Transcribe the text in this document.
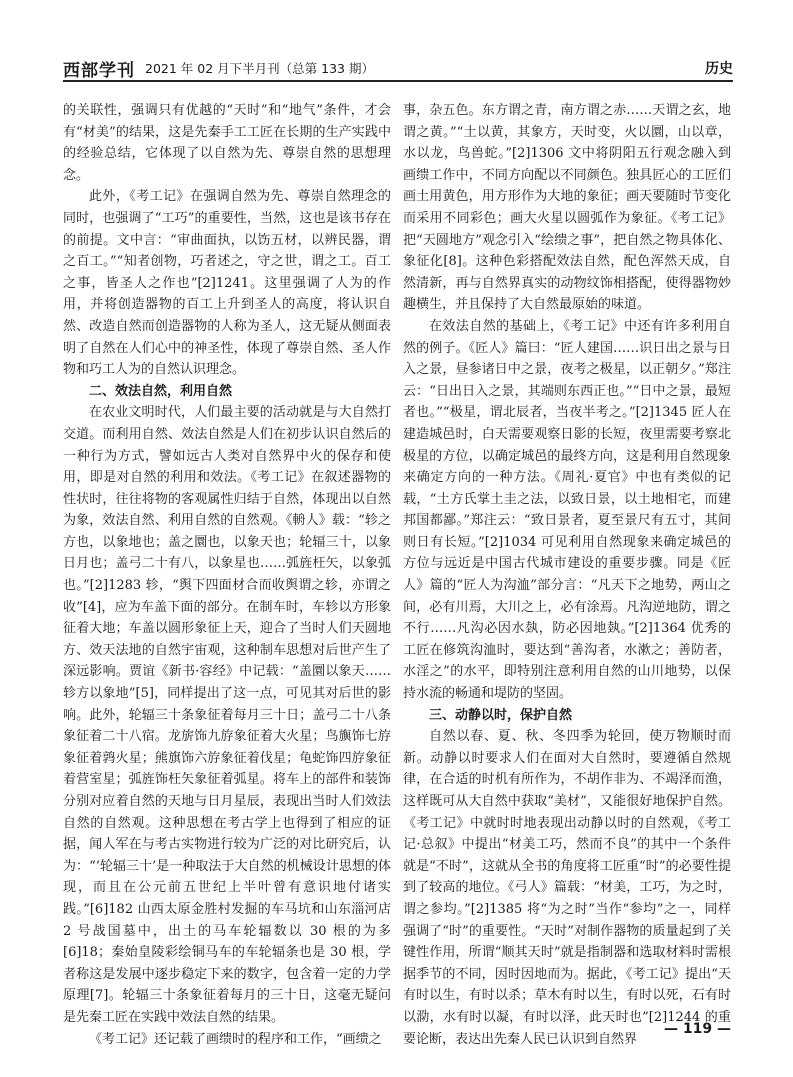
西部学刊 2021 年 02 月下半月刊（总第 133 期）	历史

的关联性，强调只有优越的“天时”和“地气”条件，才会有“材美”的结果，这是先秦手工工匠在长期的生产实践中的经验总结，它体现了以自然为先、尊崇自然的思想理念。

此外，《考工记》在强调自然为先、尊崇自然理念的同时，也强调了“工巧”的重要性，当然，这也是该书存在的前提。文中言：“审曲面执，以饬五材，以辨民器，谓之百工。”“知者创物，巧者述之，守之世，谓之工。百工之事，皆圣人之作也”[2]1241。这里强调了人为的作用，并将创造器物的百工上升到圣人的高度，将认识自然、改造自然而创造器物的人称为圣人，这无疑从侧面表明了自然在人们心中的神圣性，体现了尊崇自然、圣人作物和巧工人为的自然认识理念。

二、效法自然，利用自然

在农业文明时代，人们最主要的活动就是与大自然打交道。而利用自然、效法自然是人们在初步认识自然后的一种行为方式，譬如远古人类对自然界中火的保存和使用，即是对自然的利用和效法。《考工记》在叙述器物的性状时，往往将物的客观属性归结于自然，体现出以自然为象，效法自然、利用自然的自然观。《輈人》载：“轸之方也，以象地也；盖之圜也，以象天也；轮辐三十，以象日月也；盖弓二十有八，以象星也……弧旌枉矢，以象弧也。”[2]1283 轸，“舆下四面材合而收舆谓之轸，亦谓之收”[4]，应为车盖下面的部分。在制车时，车轸以方形象征着大地；车盖以圆形象征上天，迎合了当时人们天圆地方、效天法地的自然宇宙观，这种制车思想对后世产生了深远影响。贾谊《新书·容经》中记载：“盖圜以象天……轸方以象地”[5]，同样提出了这一点，可见其对后世的影响。此外，轮辐三十条象征着每月三十日；盖弓二十八条象征着二十八宿。龙旂饰九斿象征着大火星；鸟旟饰七斿象征着鹑火星；熊旗饰六斿象征着伐星；龟蛇饰四斿象征着营室星；弧旌饰枉矢象征着弧星。将车上的部件和装饰分别对应着自然的天地与日月星辰，表现出当时人们效法自然的自然观。这种思想在考古学上也得到了相应的证据，闻人军在与考古实物进行较为广泛的对比研究后，认为：“‘轮辐三十’是一种取法于大自然的机械设计思想的体现，而且在公元前五世纪上半叶曾有意识地付诸实践。”[6]182 山西太原金胜村发掘的车马坑和山东淄河店 2 号战国墓中，出土的马车轮辐数以 30 根的为多[6]18；秦始皇陵彩绘铜马车的车轮辐条也是 30 根，学者称这是发展中逐步稳定下来的数字，包含着一定的力学原理[7]。轮辐三十条象征着每月的三十日，这毫无疑问是先秦工匠在实践中效法自然的结果。

《考工记》还记载了画缋时的程序和工作，“画缋之

事，杂五色。东方谓之青，南方谓之赤……天谓之玄，地谓之黄。”“土以黄，其象方，天时变，火以圜，山以章，水以龙，鸟兽蛇。”[2]1306 文中将阴阳五行观念融入到画缋工作中，不同方向配以不同颜色。独具匠心的工匠们画土用黄色，用方形作为大地的象征；画天要随时节变化而采用不同彩色；画大火星以圆弧作为象征。《考工记》把“天圆地方”观念引入“绘缋之事”，把自然之物具体化、象征化[8]。这种色彩搭配效法自然，配色浑然天成，自然清新，再与自然界真实的动物纹饰相搭配，使得器物妙趣横生，并且保持了大自然最原始的味道。

在效法自然的基础上，《考工记》中还有许多利用自然的例子。《匠人》篇曰：“匠人建国……识日出之景与日入之景，昼参诸日中之景，夜考之极星，以正朝夕。”郑注云：“日出日入之景，其端则东西正也。”“日中之景，最短者也。”“极星，谓北辰者，当夜半考之。”[2]1345 匠人在建造城邑时，白天需要观察日影的长短，夜里需要考察北极星的方位，以确定城邑的最终方向，这是利用自然现象来确定方向的一种方法。《周礼·夏官》中也有类似的记载，“土方氏掌土圭之法，以致日景，以土地相宅，而建邦国都鄙。”郑注云：“致日景者，夏至景尺有五寸，其间则日有长短。”[2]1034 可见利用自然现象来确定城邑的方位与远近是中国古代城市建设的重要步骤。同是《匠人》篇的“匠人为沟洫”部分言：“凡天下之地势，两山之间，必有川焉，大川之上，必有涂焉。凡沟逆地防，谓之不行……凡沟必因水埶，防必因地埶。”[2]1364 优秀的工匠在修筑沟洫时，要达到“善沟者，水漱之；善防者，水淫之”的水平，即特别注意利用自然的山川地势，以保持水流的畅通和堤防的坚固。

三、动静以时，保护自然

自然以春、夏、秋、冬四季为轮回，使万物顺时而新。动静以时要求人们在面对大自然时，要遵循自然规律，在合适的时机有所作为，不胡作非为、不竭泽而渔，这样既可从大自然中获取“美材”，又能很好地保护自然。《考工记》中就时时地表现出动静以时的自然观，《考工记·总叙》中提出“材美工巧，然而不良”的其中一个条件就是“不时”，这就从全书的角度将工匠重“时”的必要性提到了较高的地位。《弓人》篇载：“材美，工巧，为之时，谓之参均。”[2]1385 将“为之时”当作“参均”之一，同样强调了“时”的重要性。“天时”对制作器物的质量起到了关键性作用，所谓“顺其天时”就是指制器和选取材料时需根据季节的不同，因时因地而为。据此，《考工记》提出“天有时以生，有时以杀；草木有时以生，有时以死，石有时以泐，水有时以凝，有时以泽，此天时也”[2]1244 的重要论断，表达出先秦人民已认识到自然界

— 119 —
